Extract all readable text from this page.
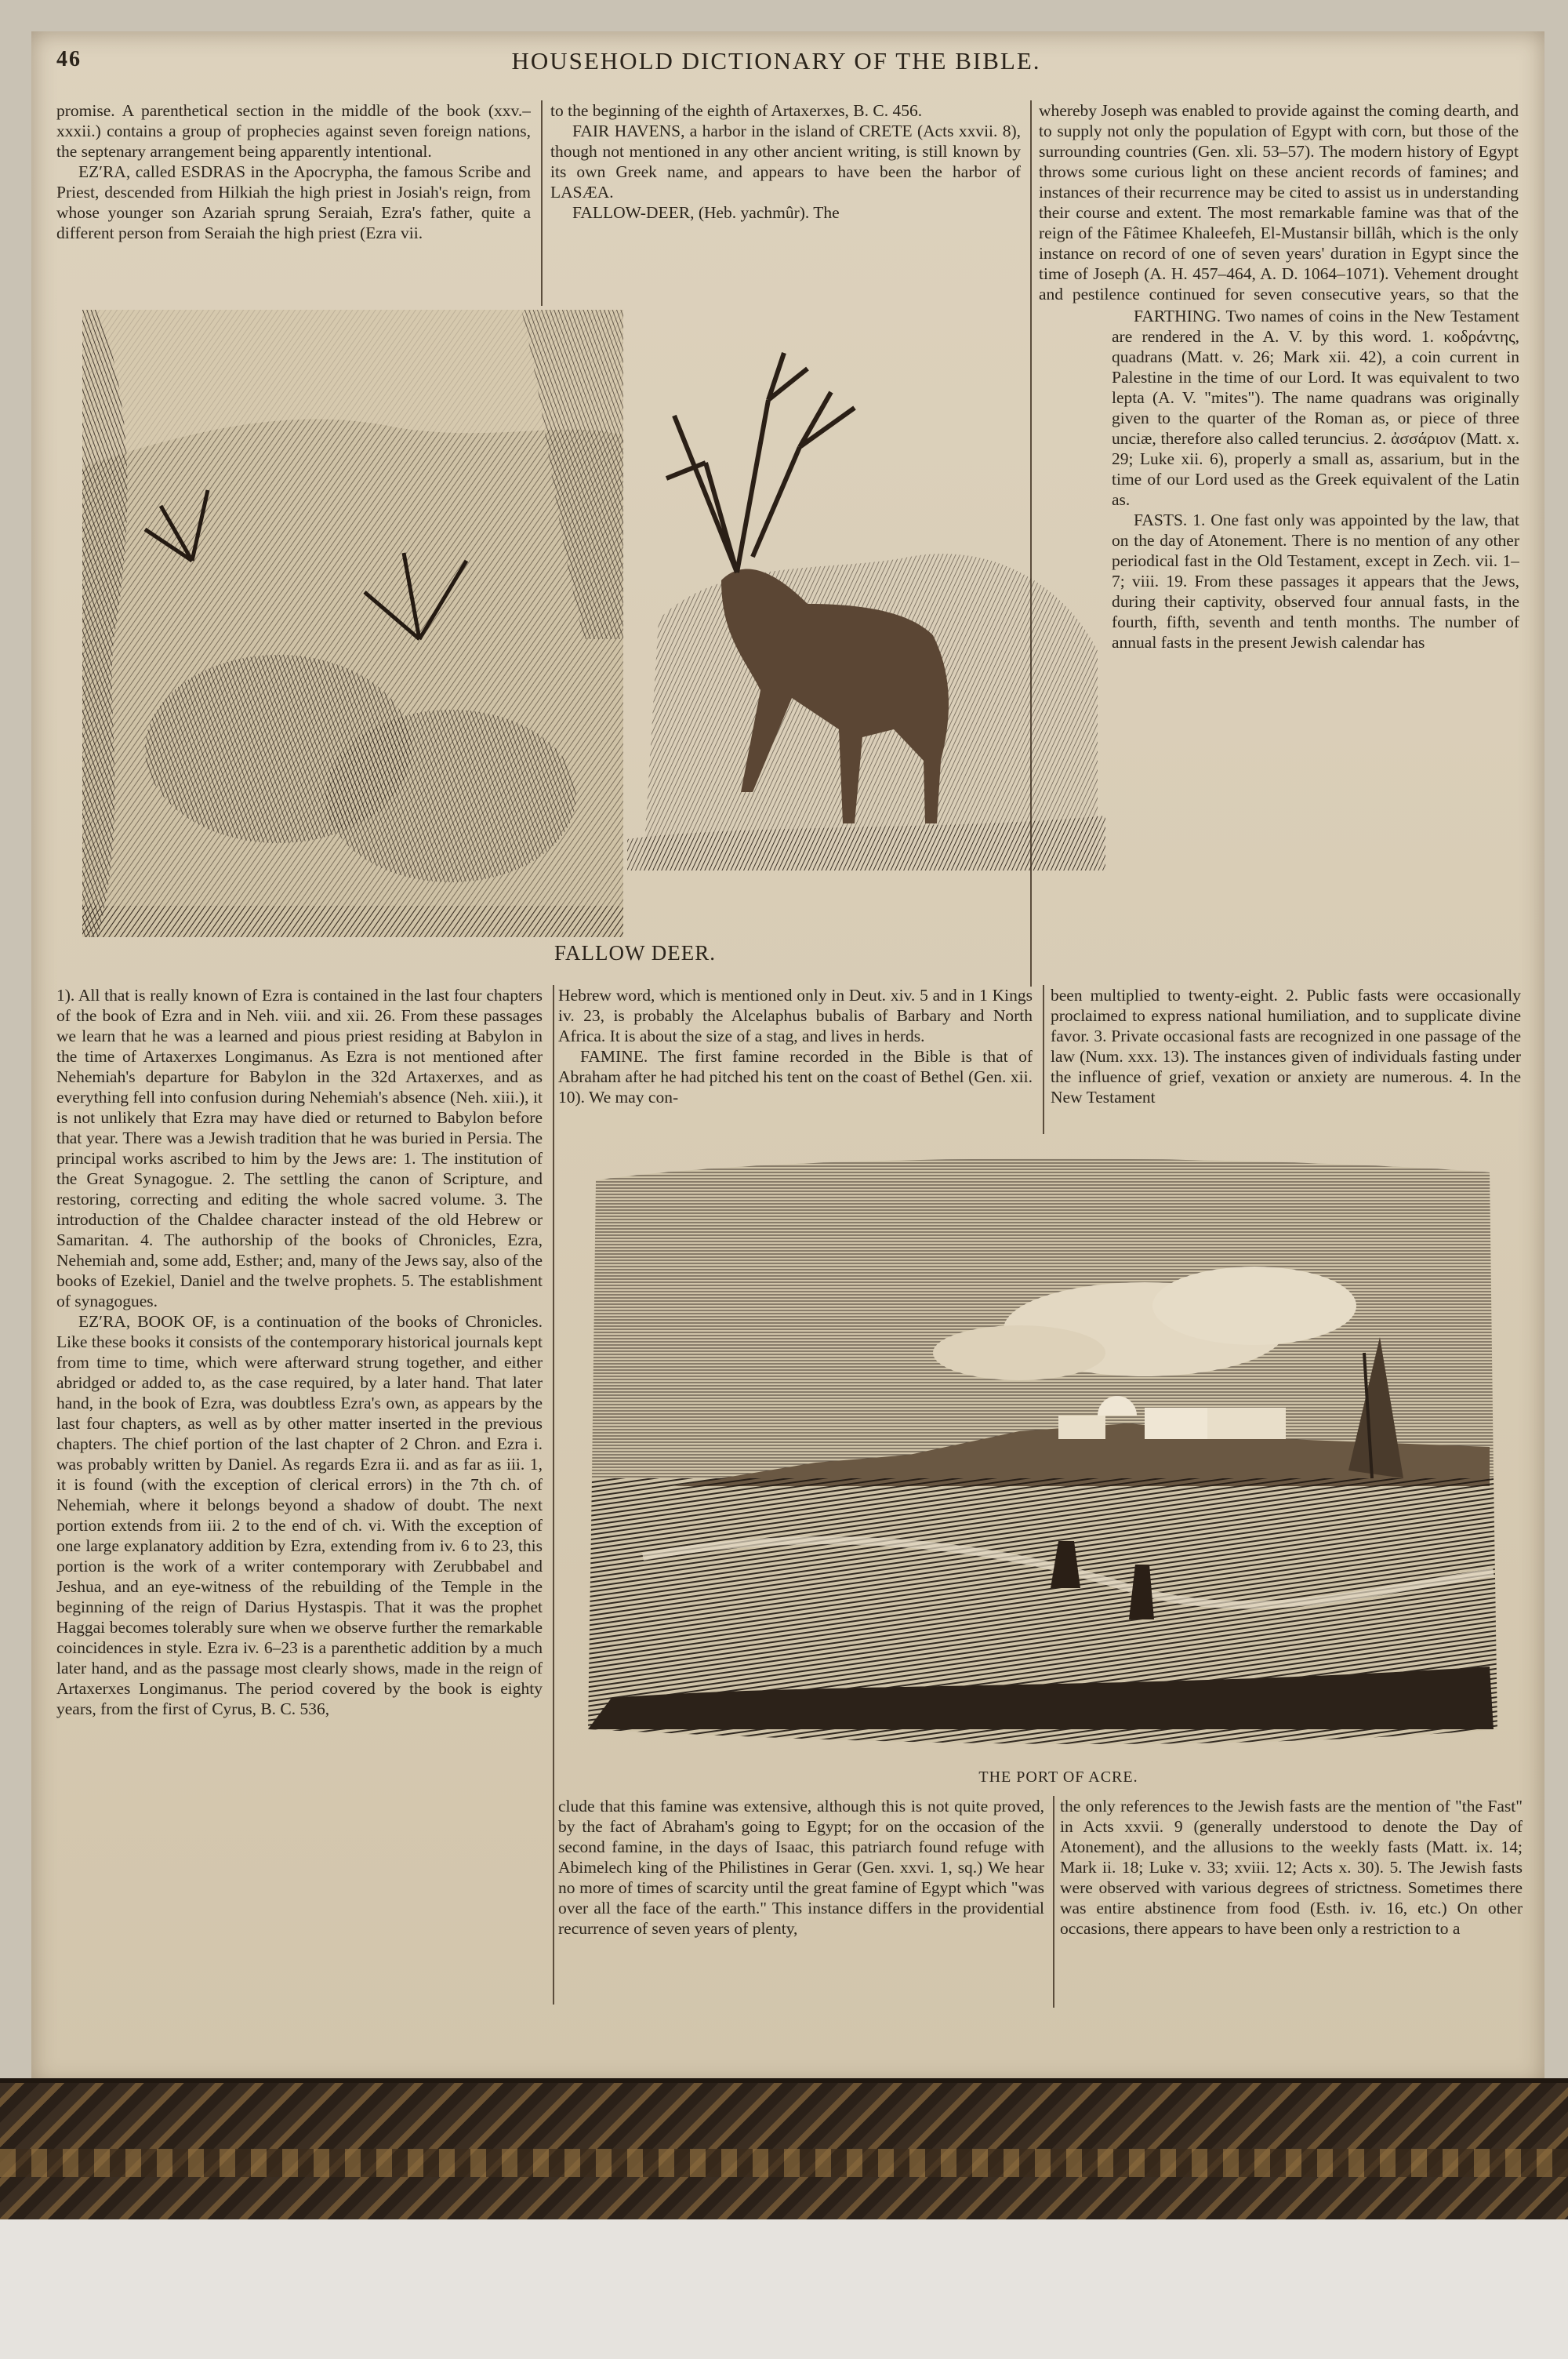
46	HOUSEHOLD DICTIONARY OF THE BIBLE.

promise. A parenthetical section in the middle of the book (xxv.–xxxii.) contains a group of prophecies against seven foreign nations, the septenary arrangement being apparently intentional.

EZ′RA, called ESDRAS in the Apocrypha, the famous Scribe and Priest, descended from Hilkiah the high priest in Josiah's reign, from whose younger son Azariah sprung Seraiah, Ezra's father, quite a different person from Seraiah the high priest (Ezra vii.

to the beginning of the eighth of Artaxerxes, B. C. 456.

FAIR HAVENS, a harbor in the island of CRETE (Acts xxvii. 8), though not mentioned in any other ancient writing, is still known by its own Greek name, and appears to have been the harbor of LASÆA.

FALLOW-DEER, (Heb. yachmûr). The

whereby Joseph was enabled to provide against the coming dearth, and to supply not only the population of Egypt with corn, but those of the surrounding countries (Gen. xli. 53–57). The modern history of Egypt throws some curious light on these ancient records of famines; and instances of their recurrence may be cited to assist us in understanding their course and extent. The most remarkable famine was that of the reign of the Fâtimee Khaleefeh, El-Mustansir billâh, which is the only instance on record of one of seven years' duration in Egypt since the time of Joseph (A. H. 457–464, A. D. 1064–1071). Vehement drought and pestilence continued for seven consecutive years, so that the

FARTHING. Two names of coins in the New Testament are rendered in the A. V. by this word. 1. κοδράντης, quadrans (Matt. v. 26; Mark xii. 42), a coin current in Palestine in the time of our Lord. It was equivalent to two lepta (A. V. "mites"). The name quadrans was originally given to the quarter of the Roman as, or piece of three unciæ, therefore also called teruncius. 2. ἀσσάριον (Matt. x. 29; Luke xii. 6), properly a small as, assarium, but in the time of our Lord used as the Greek equivalent of the Latin as.

FASTS. 1. One fast only was appointed by the law, that on the day of Atonement. There is no mention of any other periodical fast in the Old Testament, except in Zech. vii. 1–7; viii. 19. From these passages it appears that the Jews, during their captivity, observed four annual fasts, in the fourth, fifth, seventh and tenth months. The number of annual fasts in the present Jewish calendar has

FALLOW DEER.

1). All that is really known of Ezra is contained in the last four chapters of the book of Ezra and in Neh. viii. and xii. 26. From these passages we learn that he was a learned and pious priest residing at Babylon in the time of Artaxerxes Longimanus. As Ezra is not mentioned after Nehemiah's departure for Babylon in the 32d Artaxerxes, and as everything fell into confusion during Nehemiah's absence (Neh. xiii.), it is not unlikely that Ezra may have died or returned to Babylon before that year. There was a Jewish tradition that he was buried in Persia. The principal works ascribed to him by the Jews are: 1. The institution of the Great Synagogue. 2. The settling the canon of Scripture, and restoring, correcting and editing the whole sacred volume. 3. The introduction of the Chaldee character instead of the old Hebrew or Samaritan. 4. The authorship of the books of Chronicles, Ezra, Nehemiah and, some add, Esther; and, many of the Jews say, also of the books of Ezekiel, Daniel and the twelve prophets. 5. The establishment of synagogues.

EZ′RA, BOOK OF, is a continuation of the books of Chronicles. Like these books it consists of the contemporary historical journals kept from time to time, which were afterward strung together, and either abridged or added to, as the case required, by a later hand. That later hand, in the book of Ezra, was doubtless Ezra's own, as appears by the last four chapters, as well as by other matter inserted in the previous chapters. The chief portion of the last chapter of 2 Chron. and Ezra i. was probably written by Daniel. As regards Ezra ii. and as far as iii. 1, it is found (with the exception of clerical errors) in the 7th ch. of Nehemiah, where it belongs beyond a shadow of doubt. The next portion extends from iii. 2 to the end of ch. vi. With the exception of one large explanatory addition by Ezra, extending from iv. 6 to 23, this portion is the work of a writer contemporary with Zerubbabel and Jeshua, and an eye-witness of the rebuilding of the Temple in the beginning of the reign of Darius Hystaspis. That it was the prophet Haggai becomes tolerably sure when we observe further the remarkable coincidences in style. Ezra iv. 6–23 is a parenthetic addition by a much later hand, and as the passage most clearly shows, made in the reign of Artaxerxes Longimanus. The period covered by the book is eighty years, from the first of Cyrus, B. C. 536,

Hebrew word, which is mentioned only in Deut. xiv. 5 and in 1 Kings iv. 23, is probably the Alcelaphus bubalis of Barbary and North Africa. It is about the size of a stag, and lives in herds.

FAMINE. The first famine recorded in the Bible is that of Abraham after he had pitched his tent on the coast of Bethel (Gen. xii. 10). We may con-

been multiplied to twenty-eight. 2. Public fasts were occasionally proclaimed to express national humiliation, and to supplicate divine favor. 3. Private occasional fasts are recognized in one passage of the law (Num. xxx. 13). The instances given of individuals fasting under the influence of grief, vexation or anxiety are numerous. 4. In the New Testament

THE PORT OF ACRE.

clude that this famine was extensive, although this is not quite proved, by the fact of Abraham's going to Egypt; for on the occasion of the second famine, in the days of Isaac, this patriarch found refuge with Abimelech king of the Philistines in Gerar (Gen. xxvi. 1, sq.) We hear no more of times of scarcity until the great famine of Egypt which "was over all the face of the earth." This instance differs in the providential recurrence of seven years of plenty,

the only references to the Jewish fasts are the mention of "the Fast" in Acts xxvii. 9 (generally understood to denote the Day of Atonement), and the allusions to the weekly fasts (Matt. ix. 14; Mark ii. 18; Luke v. 33; xviii. 12; Acts x. 30). 5. The Jewish fasts were observed with various degrees of strictness. Sometimes there was entire abstinence from food (Esth. iv. 16, etc.) On other occasions, there appears to have been only a restriction to a
